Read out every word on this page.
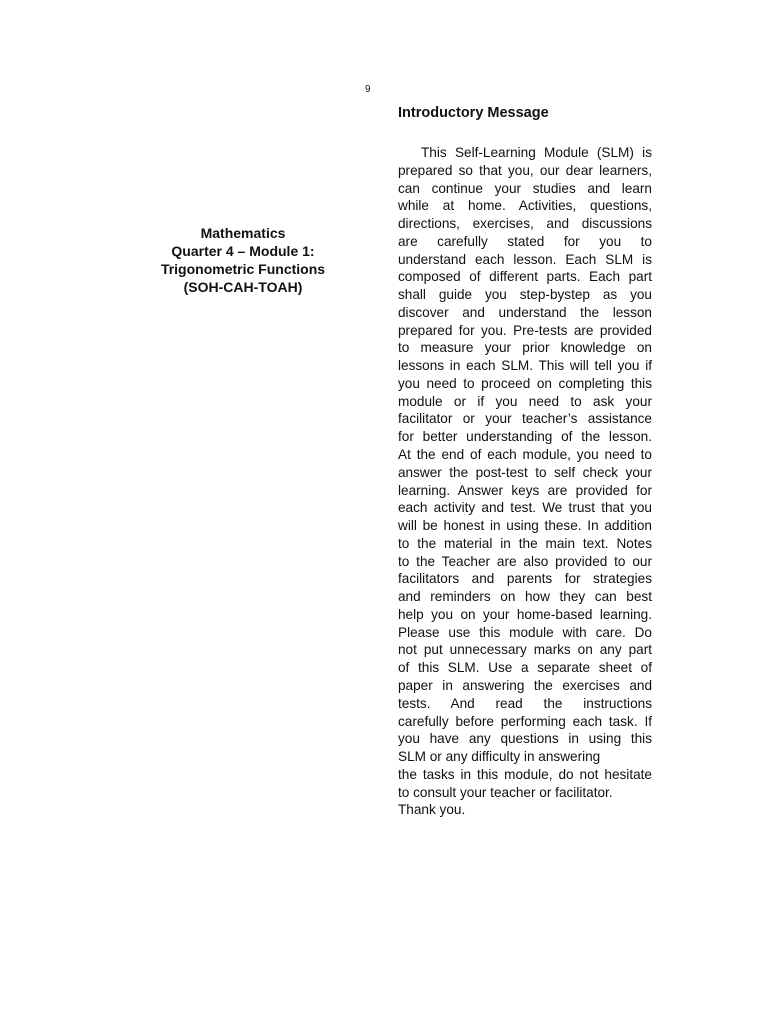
9
Mathematics
Quarter 4 – Module 1:
Trigonometric Functions
(SOH-CAH-TOAH)
Introductory Message
This Self-Learning Module (SLM) is
prepared so that you, our dear learners,
can continue your studies and learn
while at home. Activities, questions,
directions, exercises, and discussions
are carefully stated for you to
understand each lesson. Each SLM is
composed of different parts. Each part
shall guide you step-bystep as you
discover and understand the lesson
prepared for you. Pre-tests are provided
to measure your prior knowledge on
lessons in each SLM. This will tell you if
you need to proceed on completing this
module or if you need to ask your
facilitator or your teacher’s assistance
for better understanding of the lesson.
At the end of each module, you need to
answer the post-test to self check your
learning. Answer keys are provided for
each activity and test. We trust that you
will be honest in using these. In addition
to the material in the main text. Notes
to the Teacher are also provided to our
facilitators and parents for strategies
and reminders on how they can best
help you on your home-based learning.
Please use this module with care. Do
not put unnecessary marks on any part
of this SLM. Use a separate sheet of
paper in answering the exercises and
tests. And read the instructions
carefully before performing each task. If
you have any questions in using this
SLM or any difficulty in answering
the tasks in this module, do not hesitate
to consult your teacher or facilitator.
Thank you.
